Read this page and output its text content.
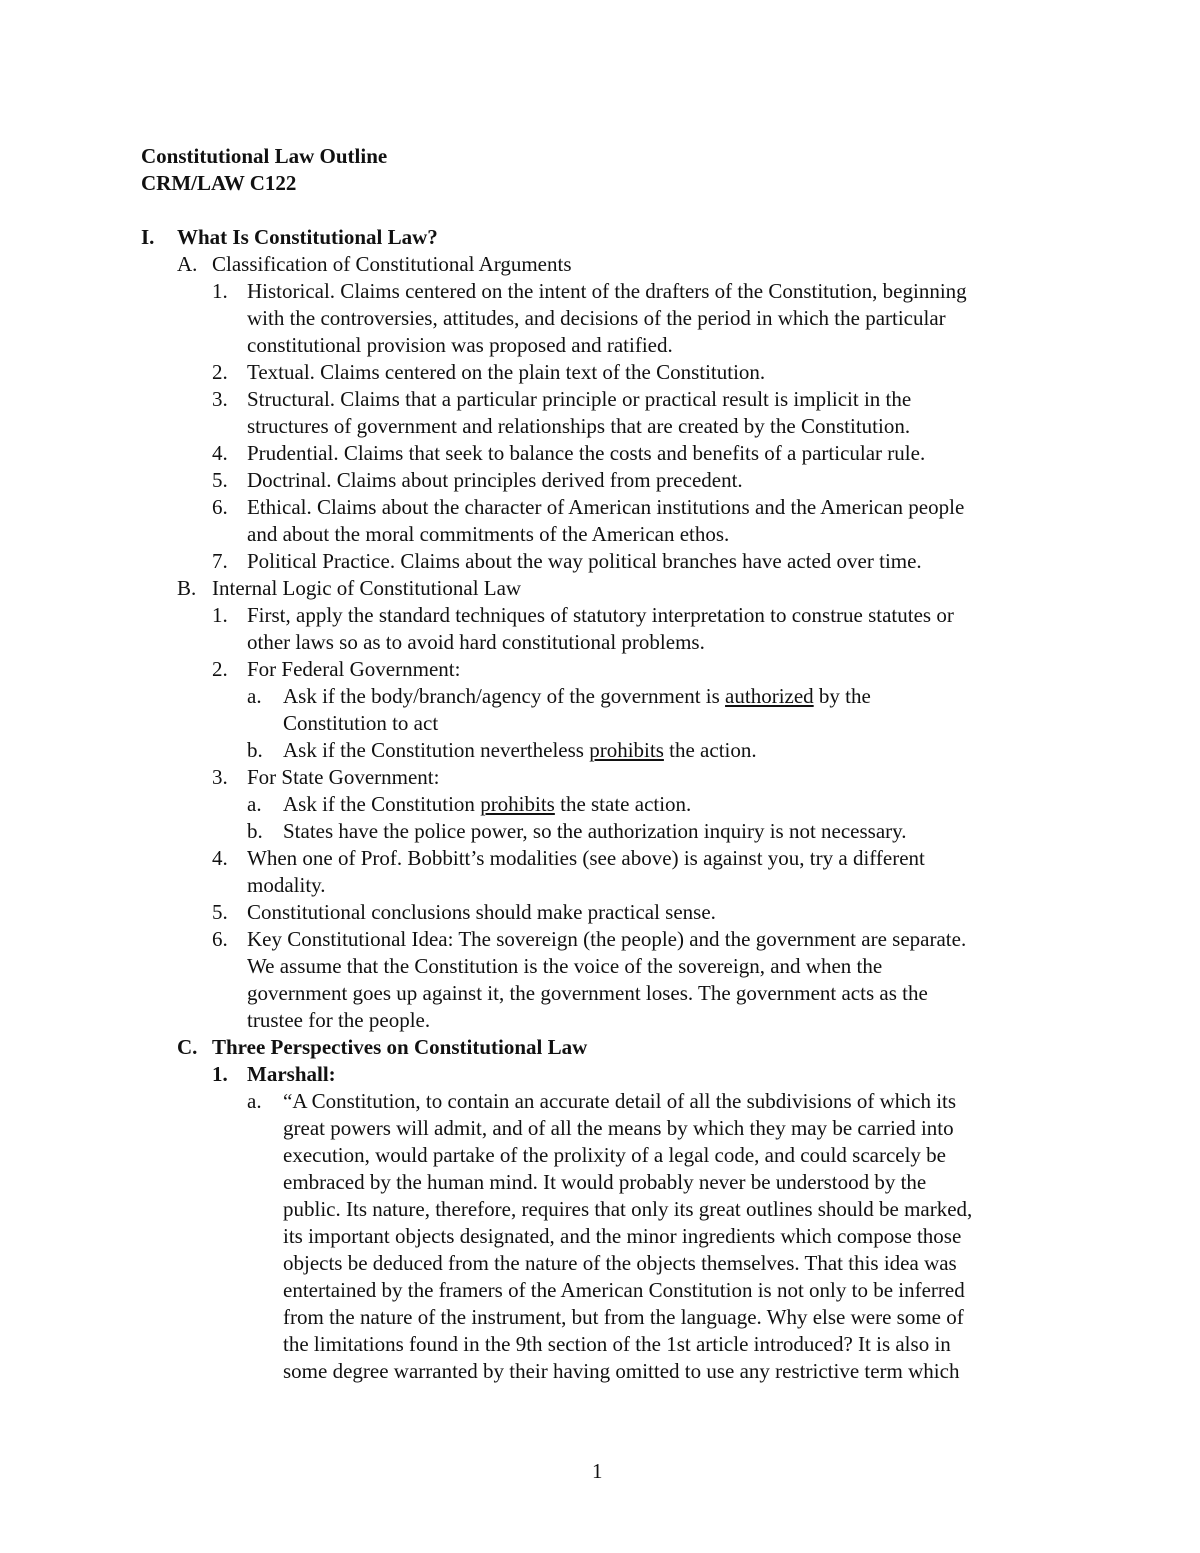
Constitutional Law Outline
CRM/LAW C122
I. What Is Constitutional Law?
A. Classification of Constitutional Arguments
1. Historical. Claims centered on the intent of the drafters of the Constitution, beginning
with the controversies, attitudes, and decisions of the period in which the particular
constitutional provision was proposed and ratified.
2. Textual. Claims centered on the plain text of the Constitution.
3. Structural. Claims that a particular principle or practical result is implicit in the
structures of government and relationships that are created by the Constitution.
4. Prudential. Claims that seek to balance the costs and benefits of a particular rule.
5. Doctrinal. Claims about principles derived from precedent.
6. Ethical. Claims about the character of American institutions and the American people
and about the moral commitments of the American ethos.
7. Political Practice. Claims about the way political branches have acted over time.
B. Internal Logic of Constitutional Law
1. First, apply the standard techniques of statutory interpretation to construe statutes or
other laws so as to avoid hard constitutional problems.
2. For Federal Government:
a. Ask if the body/branch/agency of the government is authorized by the
Constitution to act
b. Ask if the Constitution nevertheless prohibits the action.
3. For State Government:
a. Ask if the Constitution prohibits the state action.
b. States have the police power, so the authorization inquiry is not necessary.
4. When one of Prof. Bobbitt’s modalities (see above) is against you, try a different
modality.
5. Constitutional conclusions should make practical sense.
6. Key Constitutional Idea: The sovereign (the people) and the government are separate.
We assume that the Constitution is the voice of the sovereign, and when the
government goes up against it, the government loses. The government acts as the
trustee for the people.
C. Three Perspectives on Constitutional Law
1. Marshall:
a. “A Constitution, to contain an accurate detail of all the subdivisions of which its
great powers will admit, and of all the means by which they may be carried into
execution, would partake of the prolixity of a legal code, and could scarcely be
embraced by the human mind. It would probably never be understood by the
public. Its nature, therefore, requires that only its great outlines should be marked,
its important objects designated, and the minor ingredients which compose those
objects be deduced from the nature of the objects themselves. That this idea was
entertained by the framers of the American Constitution is not only to be inferred
from the nature of the instrument, but from the language. Why else were some of
the limitations found in the 9th section of the 1st article introduced? It is also in
some degree warranted by their having omitted to use any restrictive term which
1
